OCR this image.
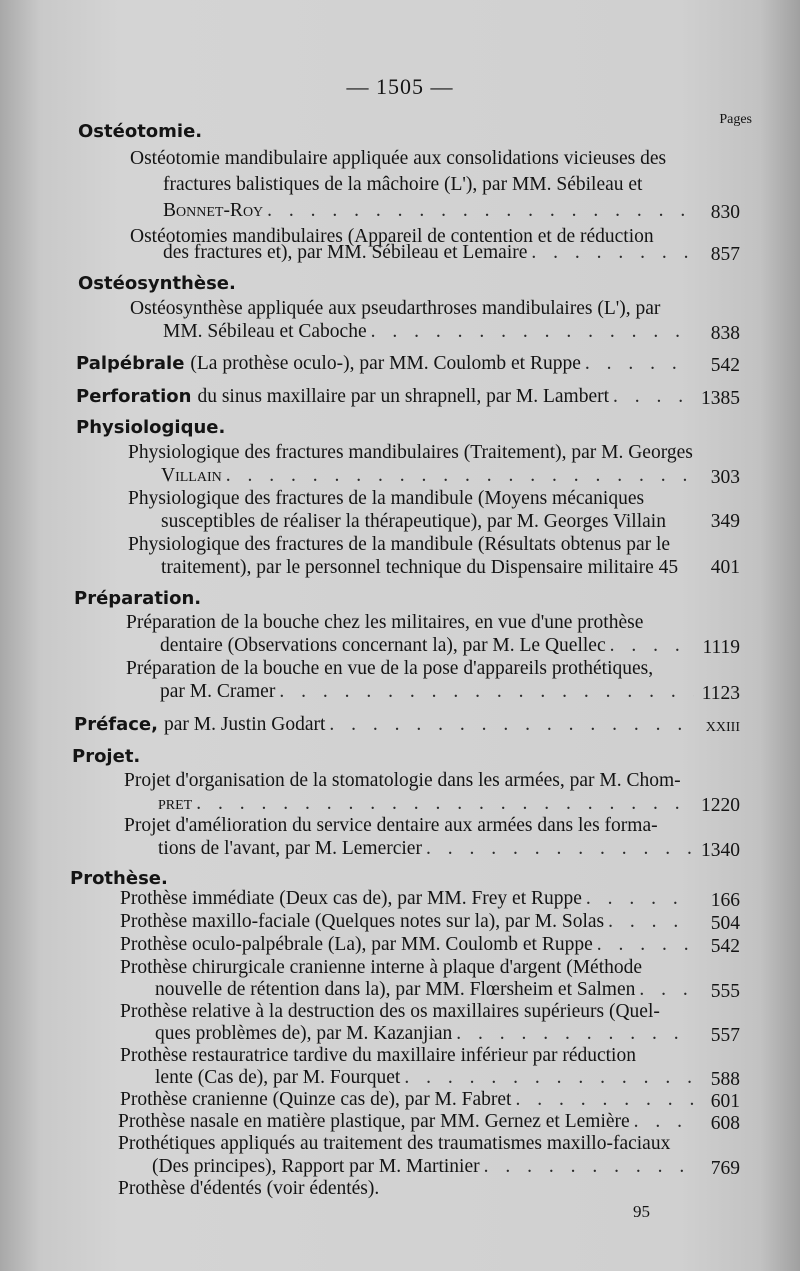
— 1505 —
Pages
Ostéotomie.
Ostéotomie mandibulaire appliquée aux consolidations vicieuses des
fractures balistiques de la mâchoire (L'), par MM. Sébileau et
Bonnet-Roy . . .	830
Ostéotomies mandibulaires (Appareil de contention et de réduction
des fractures et), par MM. Sébileau et Lemaire . . .	857
Ostéosynthèse.
Ostéosynthèse appliquée aux pseudarthroses mandibulaires (L'), par
MM. Sébileau et Caboche . . .	838
Palpébrale (La prothèse oculo-), par MM. Coulomb et Ruppe . . .	542
Perforation du sinus maxillaire par un shrapnell, par M. Lambert . . .	1385
Physiologique.
Physiologique des fractures mandibulaires (Traitement), par M. Georges
Villain . . .	303
Physiologique des fractures de la mandibule (Moyens mécaniques
susceptibles de réaliser la thérapeutique), par M. Georges Villain	349
Physiologique des fractures de la mandibule (Résultats obtenus par le
traitement), par le personnel technique du Dispensaire militaire 45	401
Préparation.
Préparation de la bouche chez les militaires, en vue d'une prothèse
dentaire (Observations concernant la), par M. Le Quellec . . .	1119
Préparation de la bouche en vue de la pose d'appareils prothétiques,
par M. Cramer . . .	1123
Préface, par M. Justin Godart . . .	XXIII
Projet.
Projet d'organisation de la stomatologie dans les armées, par M. Chom-
pret . . .	1220
Projet d'amélioration du service dentaire aux armées dans les forma-
tions de l'avant, par M. Lemercier . . .	1340
Prothèse.
Prothèse immédiate (Deux cas de), par MM. Frey et Ruppe . . .	166
Prothèse maxillo-faciale (Quelques notes sur la), par M. Solas . . .	504
Prothèse oculo-palpébrale (La), par MM. Coulomb et Ruppe . . .	542
Prothèse chirurgicale cranienne interne à plaque d'argent (Méthode
nouvelle de rétention dans la), par MM. Flœrsheim et Salmen . . .	555
Prothèse relative à la destruction des os maxillaires supérieurs (Quel-
ques problèmes de), par M. Kazanjian . . .	557
Prothèse restauratrice tardive du maxillaire inférieur par réduction
lente (Cas de), par M. Fourquet . . .	588
Prothèse cranienne (Quinze cas de), par M. Fabret . . .	601
Prothèse nasale en matière plastique, par MM. Gernez et Lemière . . .	608
Prothétiques appliqués au traitement des traumatismes maxillo-faciaux
(Des principes), Rapport par M. Martinier . . .	769
Prothèse d'édentés (voir édentés).
95
